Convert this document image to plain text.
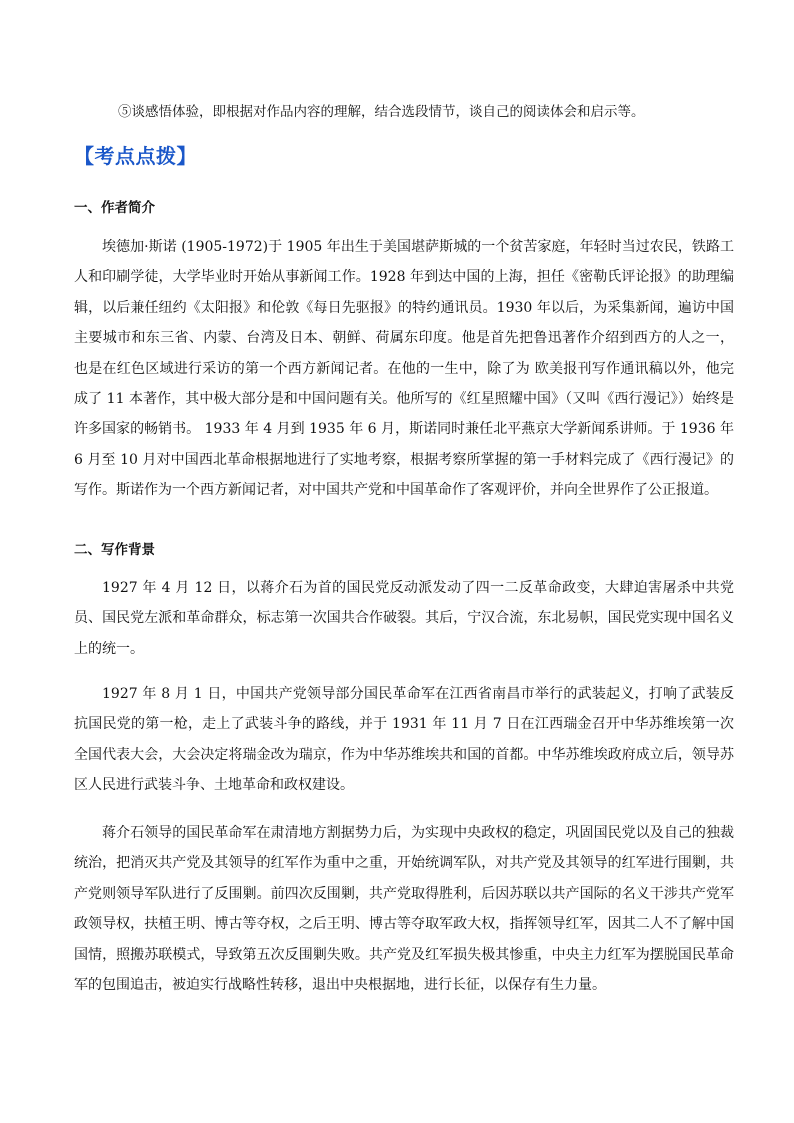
⑤谈感悟体验，即根据对作品内容的理解，结合选段情节，谈自己的阅读体会和启示等。
【考点点拨】
一、作者简介

埃德加·斯诺 (1905-1972)于 1905 年出生于美国堪萨斯城的一个贫苦家庭，年轻时当过农民，铁路工人和印刷学徒，大学毕业时开始从事新闻工作。1928 年到达中国的上海，担任《密勒氏评论报》的助理编辑，以后兼任纽约《太阳报》和伦敦《每日先驱报》的特约通讯员。1930 年以后，为采集新闻，遍访中国主要城市和东三省、内蒙、台湾及日本、朝鲜、荷属东印度。他是首先把鲁迅著作介绍到西方的人之一， 也是在红色区域进行采访的第一个西方新闻记者。在他的一生中，除了为 欧美报刊写作通讯稿以外，他完成了 11 本著作，其中极大部分是和中国问题有关。他所写的《红星照耀中国》（又叫《西行漫记》）始终是许多国家的畅销书。 1933 年 4 月到 1935 年 6 月，斯诺同时兼任北平燕京大学新闻系讲师。于 1936 年 6 月至 10 月对中国西北革命根据地进行了实地考察，根据考察所掌握的第一手材料完成了《西行漫记》的写作。斯诺作为一个西方新闻记者，对中国共产党和中国革命作了客观评价，并向全世界作了公正报道。

二、写作背景

1927 年 4 月 12 日，以蒋介石为首的国民党反动派发动了四一二反革命政变，大肆迫害屠杀中共党员、国民党左派和革命群众，标志第一次国共合作破裂。其后，宁汉合流，东北易帜，国民党实现中国名义上的统一。

1927 年 8 月 1 日，中国共产党领导部分国民革命军在江西省南昌市举行的武装起义，打响了武装反抗国民党的第一枪，走上了武装斗争的路线，并于 1931 年 11 月 7 日在江西瑞金召开中华苏维埃第一次全国代表大会，大会决定将瑞金改为瑞京，作为中华苏维埃共和国的首都。中华苏维埃政府成立后，领导苏区人民进行武装斗争、土地革命和政权建设。

蒋介石领导的国民革命军在肃清地方割据势力后，为实现中央政权的稳定，巩固国民党以及自己的独裁统治，把消灭共产党及其领导的红军作为重中之重，开始统调军队，对共产党及其领导的红军进行围剿，共产党则领导军队进行了反围剿。前四次反围剿，共产党取得胜利，后因苏联以共产国际的名义干涉共产党军政领导权，扶植王明、博古等夺权，之后王明、博古等夺取军政大权，指挥领导红军，因其二人不了解中国国情，照搬苏联模式，导致第五次反围剿失败。共产党及红军损失极其惨重，中央主力红军为摆脱国民革命军的包围追击，被迫实行战略性转移，退出中央根据地，进行长征，以保存有生力量。
